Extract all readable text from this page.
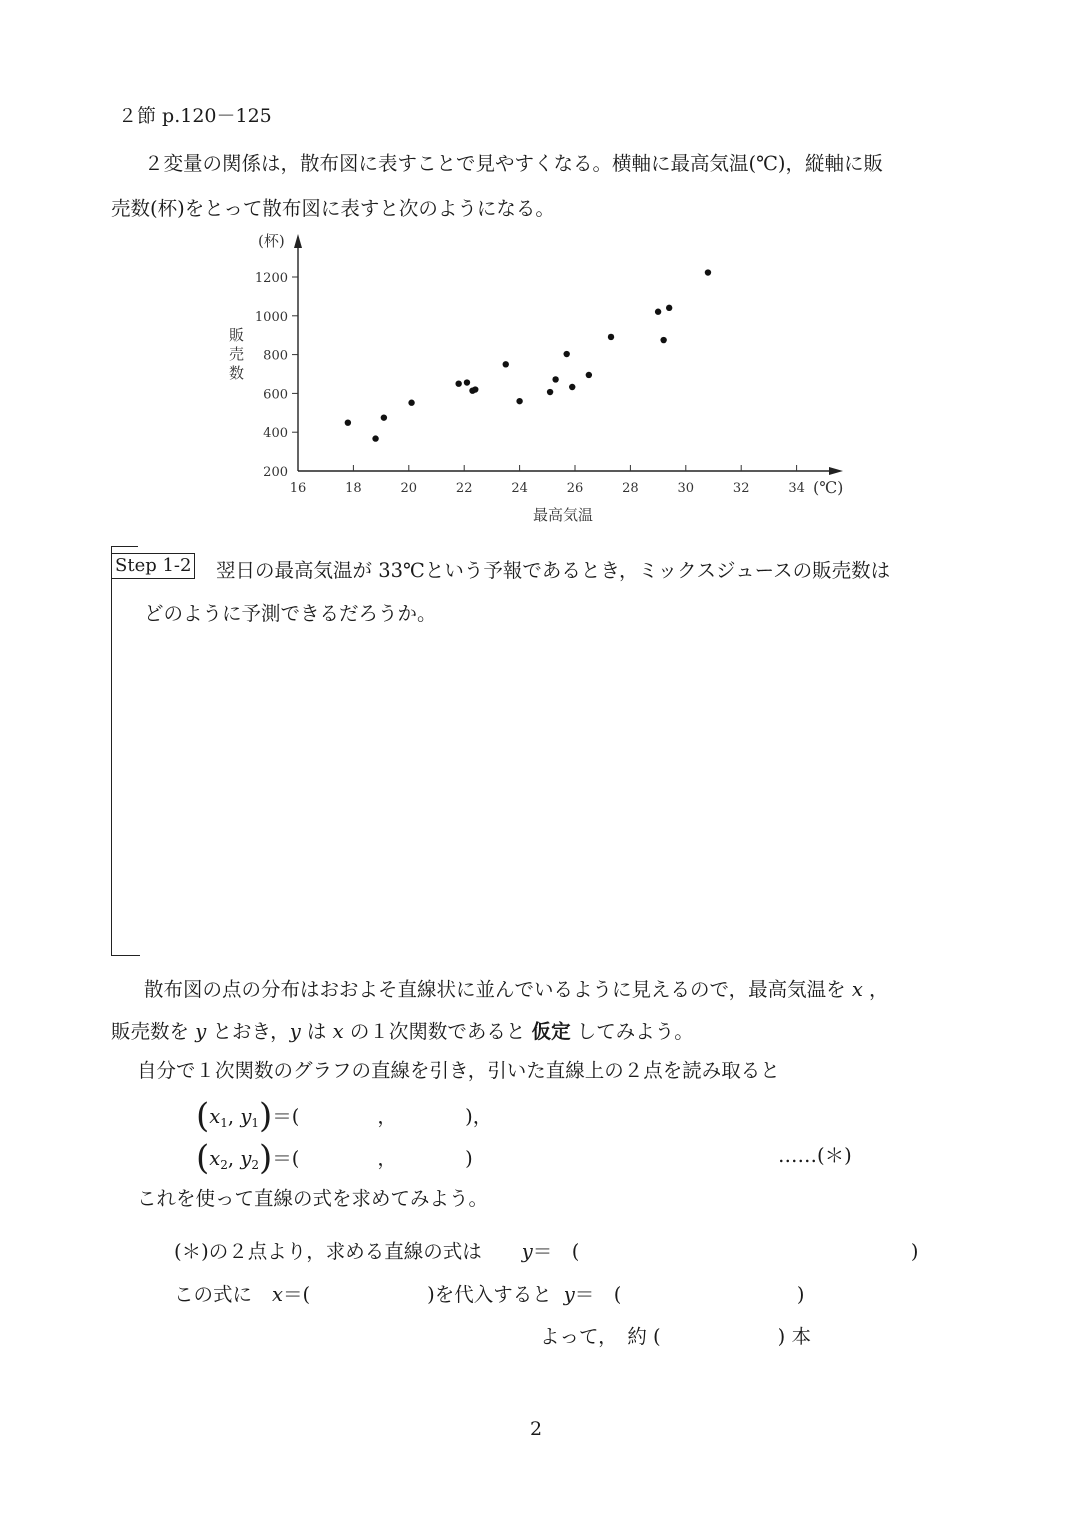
２節 p.120－125
２変量の関係は，散布図に表すことで見やすくなる。横軸に最高気温(℃)，縦軸に販
売数(杯)をとって散布図に表すと次のようになる。
16	18	20	22	24	26	28	30	32	34
200
400
600
800
1000
1200
(杯)
(℃)
最高気温
販売数
Step 1-2 翌日の最高気温が 33℃という予報であるとき，ミックスジュースの販売数は
どのように予測できるだろうか。
散布図の点の分布はおおよそ直線状に並んでいるように見えるので，最高気温を x ，
販売数を y とおき，y は x の１次関数であると 仮定 してみよう。
自分で１次関数のグラフの直線を引き，引いた直線上の２点を読み取ると
($x_1$, $y_1)=$(　　　　，　　　　)，
($x_2$, $y_2)=$(　　　　，　　　　)	……(＊)
これを使って直線の式を求めてみよう。
(＊)の２点より，求める直線の式は y＝　(　　　　　　　　　　　　　　　　　)
この式に x＝(　　　　　　)を代入すると y＝　(　　　　　　　　　)
よって，　約 (　　　　　　) 本
2
